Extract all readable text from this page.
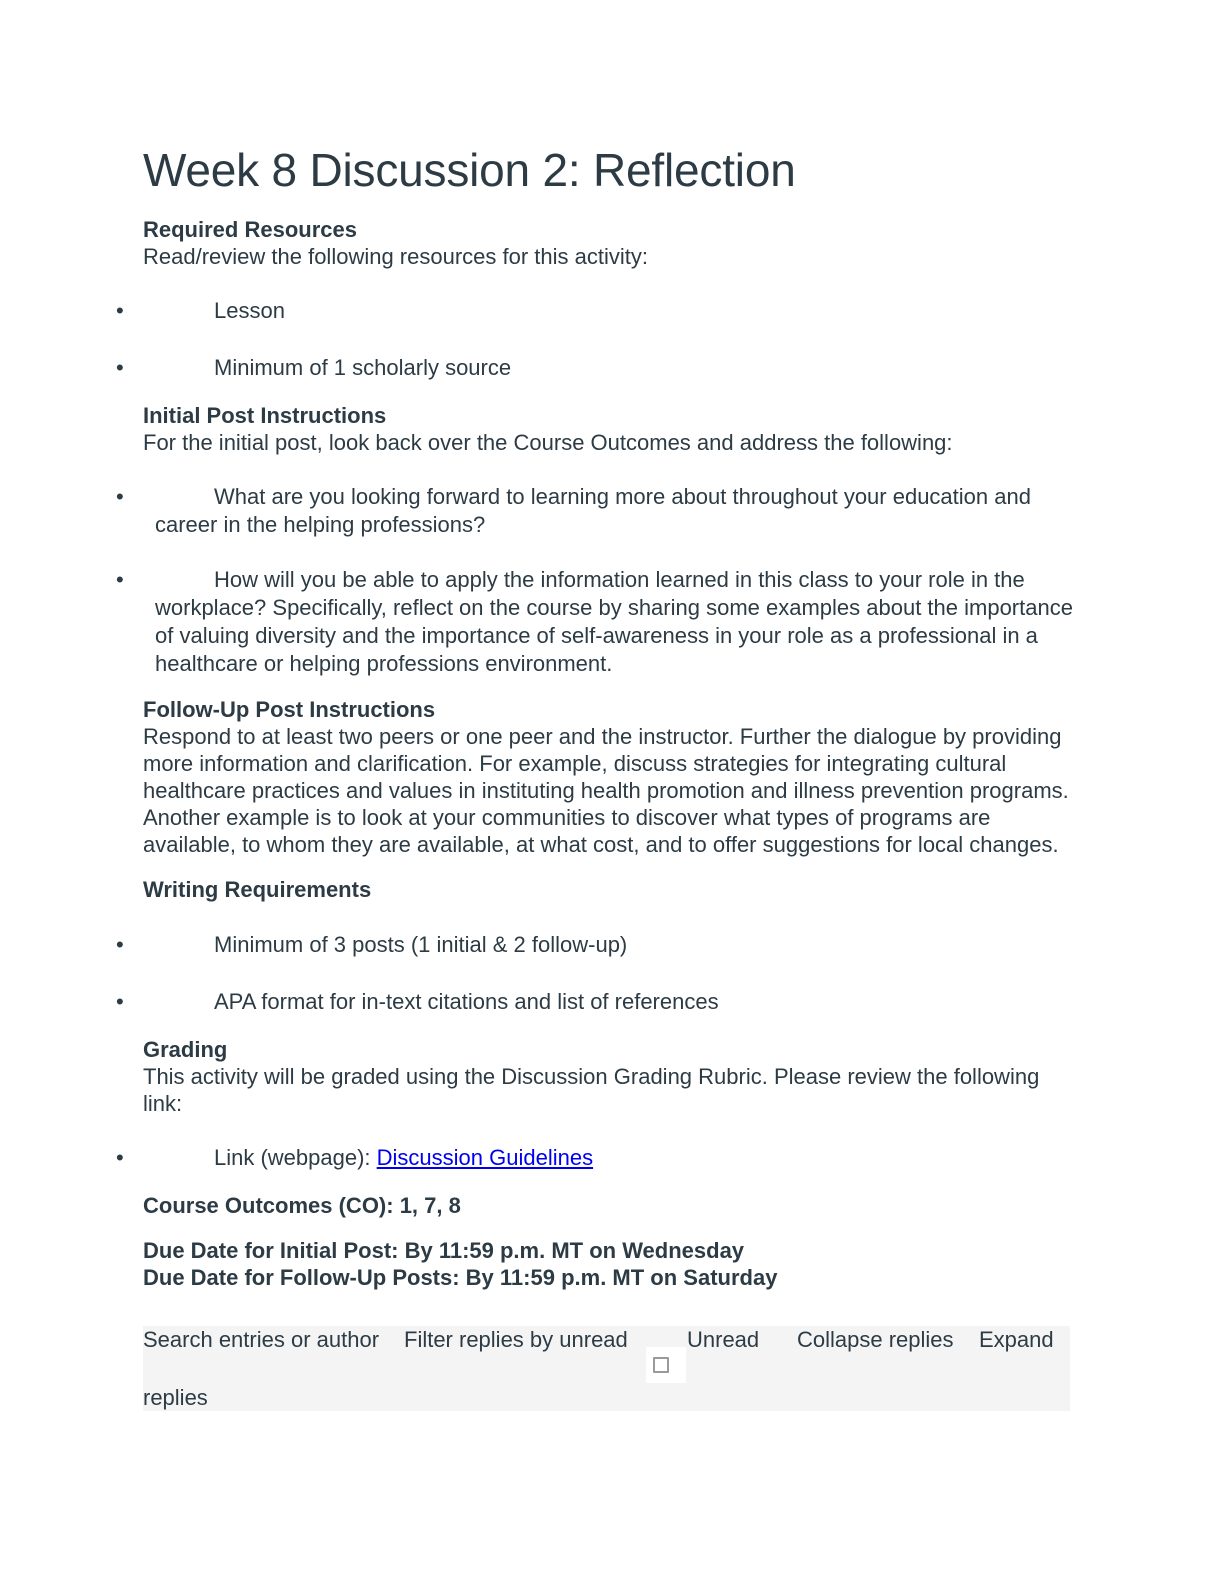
Week 8 Discussion 2: Reflection
Required Resources
Read/review the following resources for this activity:
•	Lesson
•	Minimum of 1 scholarly source
Initial Post Instructions
For the initial post, look back over the Course Outcomes and address the following:
•	What are you looking forward to learning more about throughout your education and career in the helping professions?
•	How will you be able to apply the information learned in this class to your role in the workplace? Specifically, reflect on the course by sharing some examples about the importance of valuing diversity and the importance of self-awareness in your role as a professional in a healthcare or helping professions environment.
Follow-Up Post Instructions
Respond to at least two peers or one peer and the instructor. Further the dialogue by providing more information and clarification. For example, discuss strategies for integrating cultural healthcare practices and values in instituting health promotion and illness prevention programs. Another example is to look at your communities to discover what types of programs are available, to whom they are available, at what cost, and to offer suggestions for local changes.
Writing Requirements
•	Minimum of 3 posts (1 initial & 2 follow-up)
•	APA format for in-text citations and list of references
Grading
This activity will be graded using the Discussion Grading Rubric. Please review the following link:
•	Link (webpage): Discussion Guidelines
Course Outcomes (CO): 1, 7, 8
Due Date for Initial Post: By 11:59 p.m. MT on Wednesday
Due Date for Follow-Up Posts: By 11:59 p.m. MT on Saturday
Search entries or author Filter replies by unread	Unread Collapse replies Expand
replies
